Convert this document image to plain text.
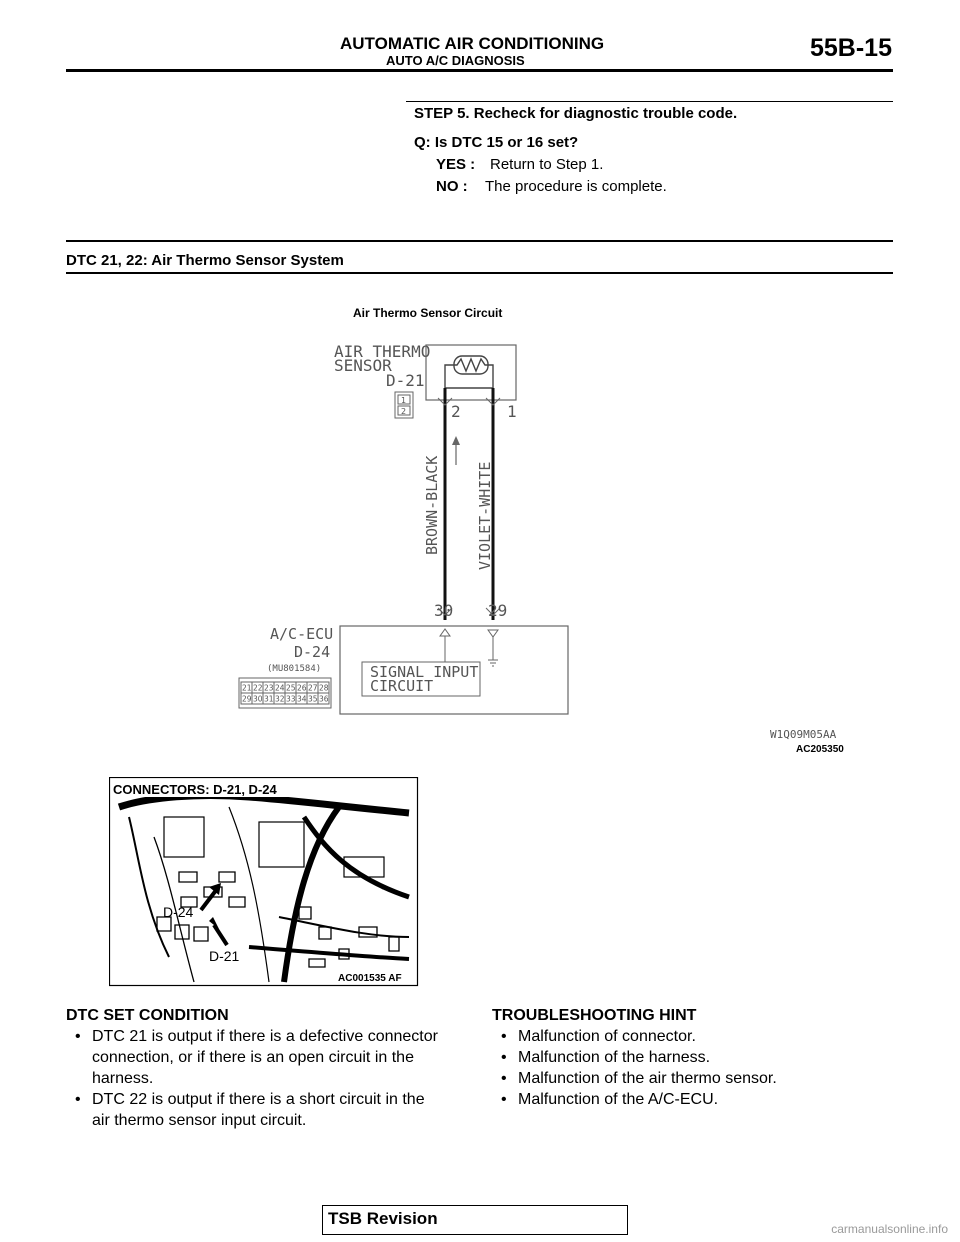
AUTOMATIC AIR CONDITIONING
AUTO A/C DIAGNOSIS	55B-15
STEP 5. Recheck for diagnostic trouble code.
Q: Is DTC 15 or 16 set?
YES : Return to Step 1.
NO : The procedure is complete.
DTC 21, 22: Air Thermo Sensor System
Air Thermo Sensor Circuit
AIR THERMO
SENSOR
D-21
1
2	2	1
BROWN-BLACK VIOLET-WHITE
30 29
SIGNAL INPUT
CIRCUIT
A/C-ECU
D-24
(MU801584)
21 22 23 24 25 26 27 28
29 30 31 32 33 34 35 36
W1Q09M05AA
AC205350
CONNECTORS: D-21, D-24
D-24
D-21
AC001535 AF
DTC SET CONDITION
• DTC 21 is output if there is a defective connector
connection, or if there is an open circuit in the
harness.
• DTC 22 is output if there is a short circuit in the
air thermo sensor input circuit.
TROUBLESHOOTING HINT
• Malfunction of connector.
• Malfunction of the harness.
• Malfunction of the air thermo sensor.
• Malfunction of the A/C-ECU.
TSB Revision
carmanualsonline.info
